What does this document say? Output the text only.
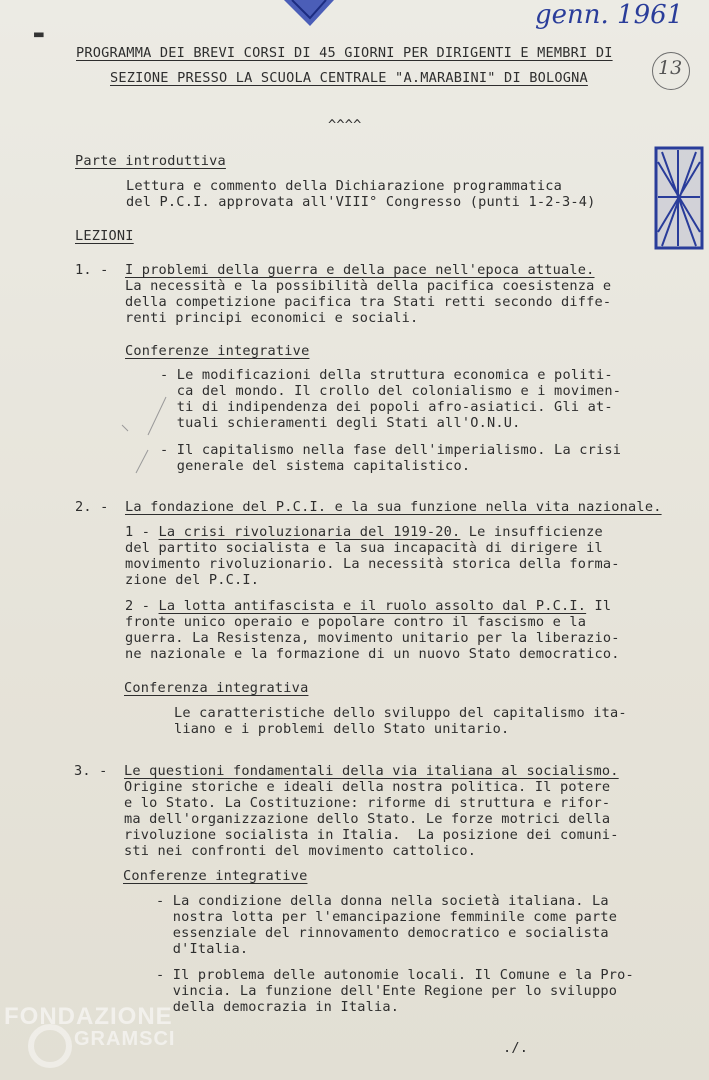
genn. 1961
13
PROGRAMMA DEI BREVI CORSI DI 45 GIORNI PER DIRIGENTI E MEMBRI DI
SEZIONE PRESSO LA SCUOLA CENTRALE "A.MARABINI" DI BOLOGNA
^^^^
Parte introduttiva
Lettura e commento della Dichiarazione programmatica
del P.C.I. approvata all'VIII° Congresso (punti 1-2-3-4)
LEZIONI
1. - I problemi della guerra e della pace nell'epoca attuale.
La necessità e la possibilità della pacifica coesistenza e
della competizione pacifica tra Stati retti secondo diffe-
renti principi economici e sociali.
Conferenze integrative
- Le modificazioni della struttura economica e politi-
ca del mondo. Il crollo del colonialismo e i movimen-
ti di indipendenza dei popoli afro-asiatici. Gli at-
tuali schieramenti degli Stati all'O.N.U.
- Il capitalismo nella fase dell'imperialismo. La crisi
generale del sistema capitalistico.
2. - La fondazione del P.C.I. e la sua funzione nella vita nazionale.
1 - La crisi rivoluzionaria del 1919-20. Le insufficienze
del partito socialista e la sua incapacità di dirigere il
movimento rivoluzionario. La necessità storica della forma-
zione del P.C.I.
2 - La lotta antifascista e il ruolo assolto dal P.C.I. Il
fronte unico operaio e popolare contro il fascismo e la
guerra. La Resistenza, movimento unitario per la liberazio-
ne nazionale e la formazione di un nuovo Stato democratico.
Conferenza integrativa
Le caratteristiche dello sviluppo del capitalismo ita-
liano e i problemi dello Stato unitario.
3. - Le questioni fondamentali della via italiana al socialismo.
Origine storiche e ideali della nostra politica. Il potere
e lo Stato. La Costituzione: riforme di struttura e rifor-
ma dell'organizzazione dello Stato. Le forze motrici della
rivoluzione socialista in Italia.  La posizione dei comuni-
sti nei confronti del movimento cattolico.
Conferenze integrative
- La condizione della donna nella società italiana. La
nostra lotta per l'emancipazione femminile come parte
essenziale del rinnovamento democratico e socialista
d'Italia.
- Il problema delle autonomie locali. Il Comune e la Pro-
vincia. La funzione dell'Ente Regione per lo sviluppo
della democrazia in Italia.
./.
FONDAZIONE
GRAMSCI
▬
